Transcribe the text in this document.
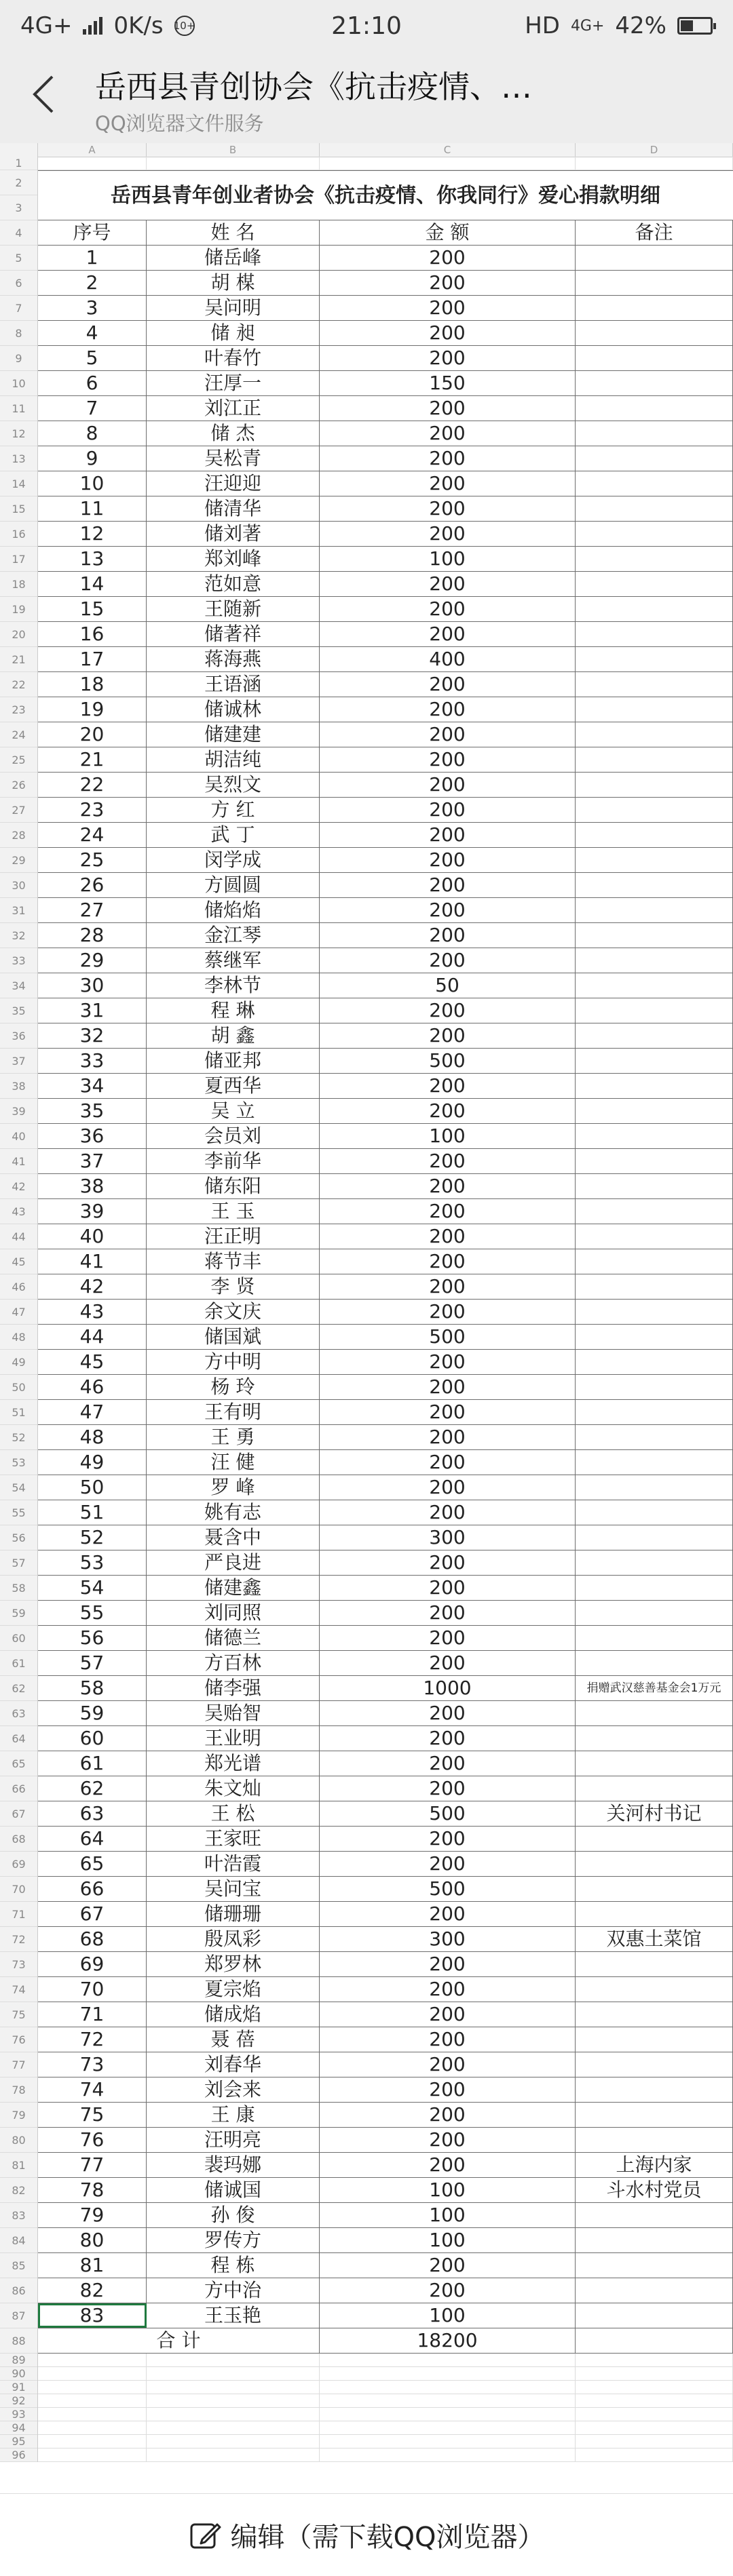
4G+ 0K/s 10+	21:10	HD 4G+ 42%
岳西县青创协会《抗击疫情、…
QQ浏览器文件服务
A	B	C	D
1
2
3
4
5
6
7
8
9
10
11
12
13
14
15
16
17
18
19
20
21
22
23
24
25
26
27
28
29
30
31
32
33
34
35
36
37
38
39
40
41
42
43
44
45
46
47
48
49
50
51
52
53
54
55
56
57
58
59
60
61
62
63
64
65
66
67
68
69
70
71
72
73
74
75
76
77
78
79
80
81
82
83
84
85
86
87
88
89
90
91
92
93
94
95
96
岳西县青年创业者协会《抗击疫情、你我同行》爱心捐款明细
序号	姓 名	金 额	备注
1	储岳峰	200
2	胡 楳	200
3	吴问明	200
4	储 昶	200
5	叶春竹	200
6	汪厚一	150
7	刘江正	200
8	储 杰	200
9	吴松青	200
10	汪迎迎	200
11	储清华	200
12	储刘著	200
13	郑刘峰	100
14	范如意	200
15	王随新	200
16	储著祥	200
17	蒋海燕	400
18	王语涵	200
19	储诚林	200
20	储建建	200
21	胡洁纯	200
22	吴烈文	200
23	方 红	200
24	武 丁	200
25	闵学成	200
26	方圆圆	200
27	储焰焰	200
28	金江琴	200
29	蔡继军	200
30	李林节	50
31	程 琳	200
32	胡 鑫	200
33	储亚邦	500
34	夏西华	200
35	吴 立	200
36	会员刘	100
37	李前华	200
38	储东阳	200
39	王 玉	200
40	汪正明	200
41	蒋节丰	200
42	李 贤	200
43	余文庆	200
44	储国斌	500
45	方中明	200
46	杨 玲	200
47	王有明	200
48	王 勇	200
49	汪 健	200
50	罗 峰	200
51	姚有志	200
52	聂含中	300
53	严良进	200
54	储建鑫	200
55	刘同照	200
56	储德兰	200
57	方百林	200
58	储李强	1000	捐赠武汉慈善基金会1万元
59	吴贻智	200
60	王业明	200
61	郑光谱	200
62	朱文灿	200
63	王 松	500	关河村书记
64	王家旺	200
65	叶浩霞	200
66	吴问宝	500
67	储珊珊	200
68	殷凤彩	300	双惠土菜馆
69	郑罗林	200
70	夏宗焰	200
71	储成焰	200
72	聂 蓓	200
73	刘春华	200
74	刘会来	200
75	王 康	200
76	汪明亮	200
77	裴玛娜	200	上海内家
78	储诚国	100	斗水村党员
79	孙 俊	100
80	罗传方	100
81	程 栋	200
82	方中治	200
83	王玉艳	100
合 计	18200
编辑（需下载QQ浏览器）
